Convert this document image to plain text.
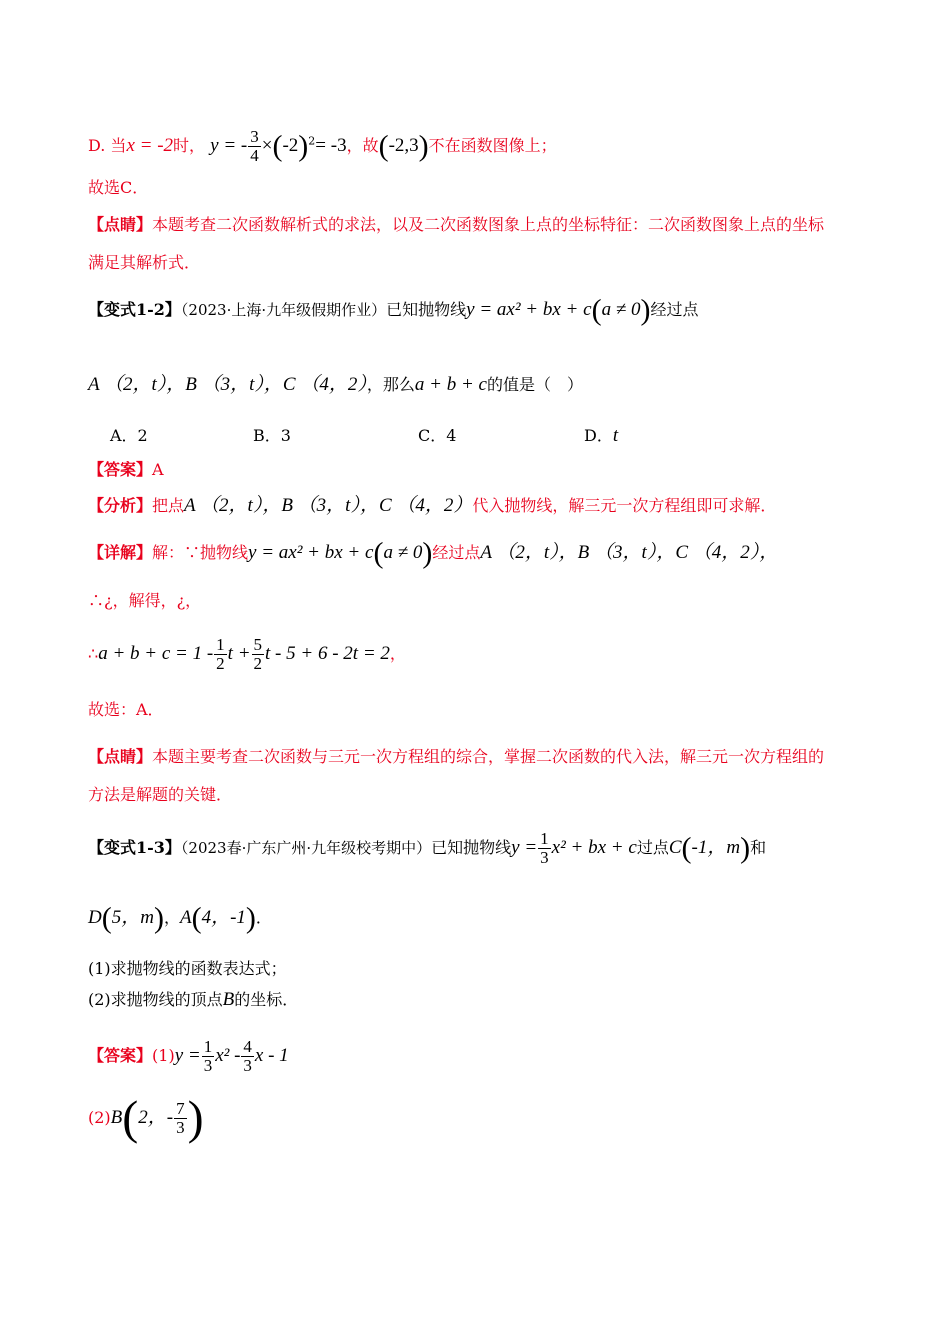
D. 当x = -2时， y = - $\frac{3}{4} \times(-2)^2= -3$，故(-2,3)不在函数图像上；
故选C．
【点睛】本题考查二次函数解析式的求法，以及二次函数图象上点的坐标特征：二次函数图象上点的坐标
满足其解析式．
【变式1-2】（2023·上海·九年级假期作业）已知抛物线y = ax² + bx + c(a ≠ 0)经过点
A （2，t），B （3，t），C （4，2），那么a + b + c的值是（　）
A．2	B．3	C．4	D．t
【答案】A
【分析】把点A （2，t），B （3，t），C （4，2）代入抛物线，解三元一次方程组即可求解．
【详解】解：∵抛物线y = ax² + bx + c(a ≠ 0)经过点A （2，t），B （3，t），C （4，2），
∴¿，解得，¿，
∴a + $b + c = 1 - \frac{1}{2}$ $t + \frac{5}{2}$ t - 5 + 6 - 2t = 2，
故选：A．
【点睛】本题主要考查二次函数与三元一次方程组的综合，掌握二次函数的代入法，解三元一次方程组的
方法是解题的关键．
【变式1-3】（2023春·广东广州·九年级校考期中）已知抛物线$y = \frac{1}{3} x^2$ + bx + c过点C(-1，m)和
D(5，m)，A(4，-1)．
(1)求抛物线的函数表达式；
(2)求抛物线的顶点B的坐标．
【答案】$(1)y = \frac{1}{3} x^2 - \frac{4}{3}$ x - 1
(2)B(2，- $\frac{7}{3}$ )
